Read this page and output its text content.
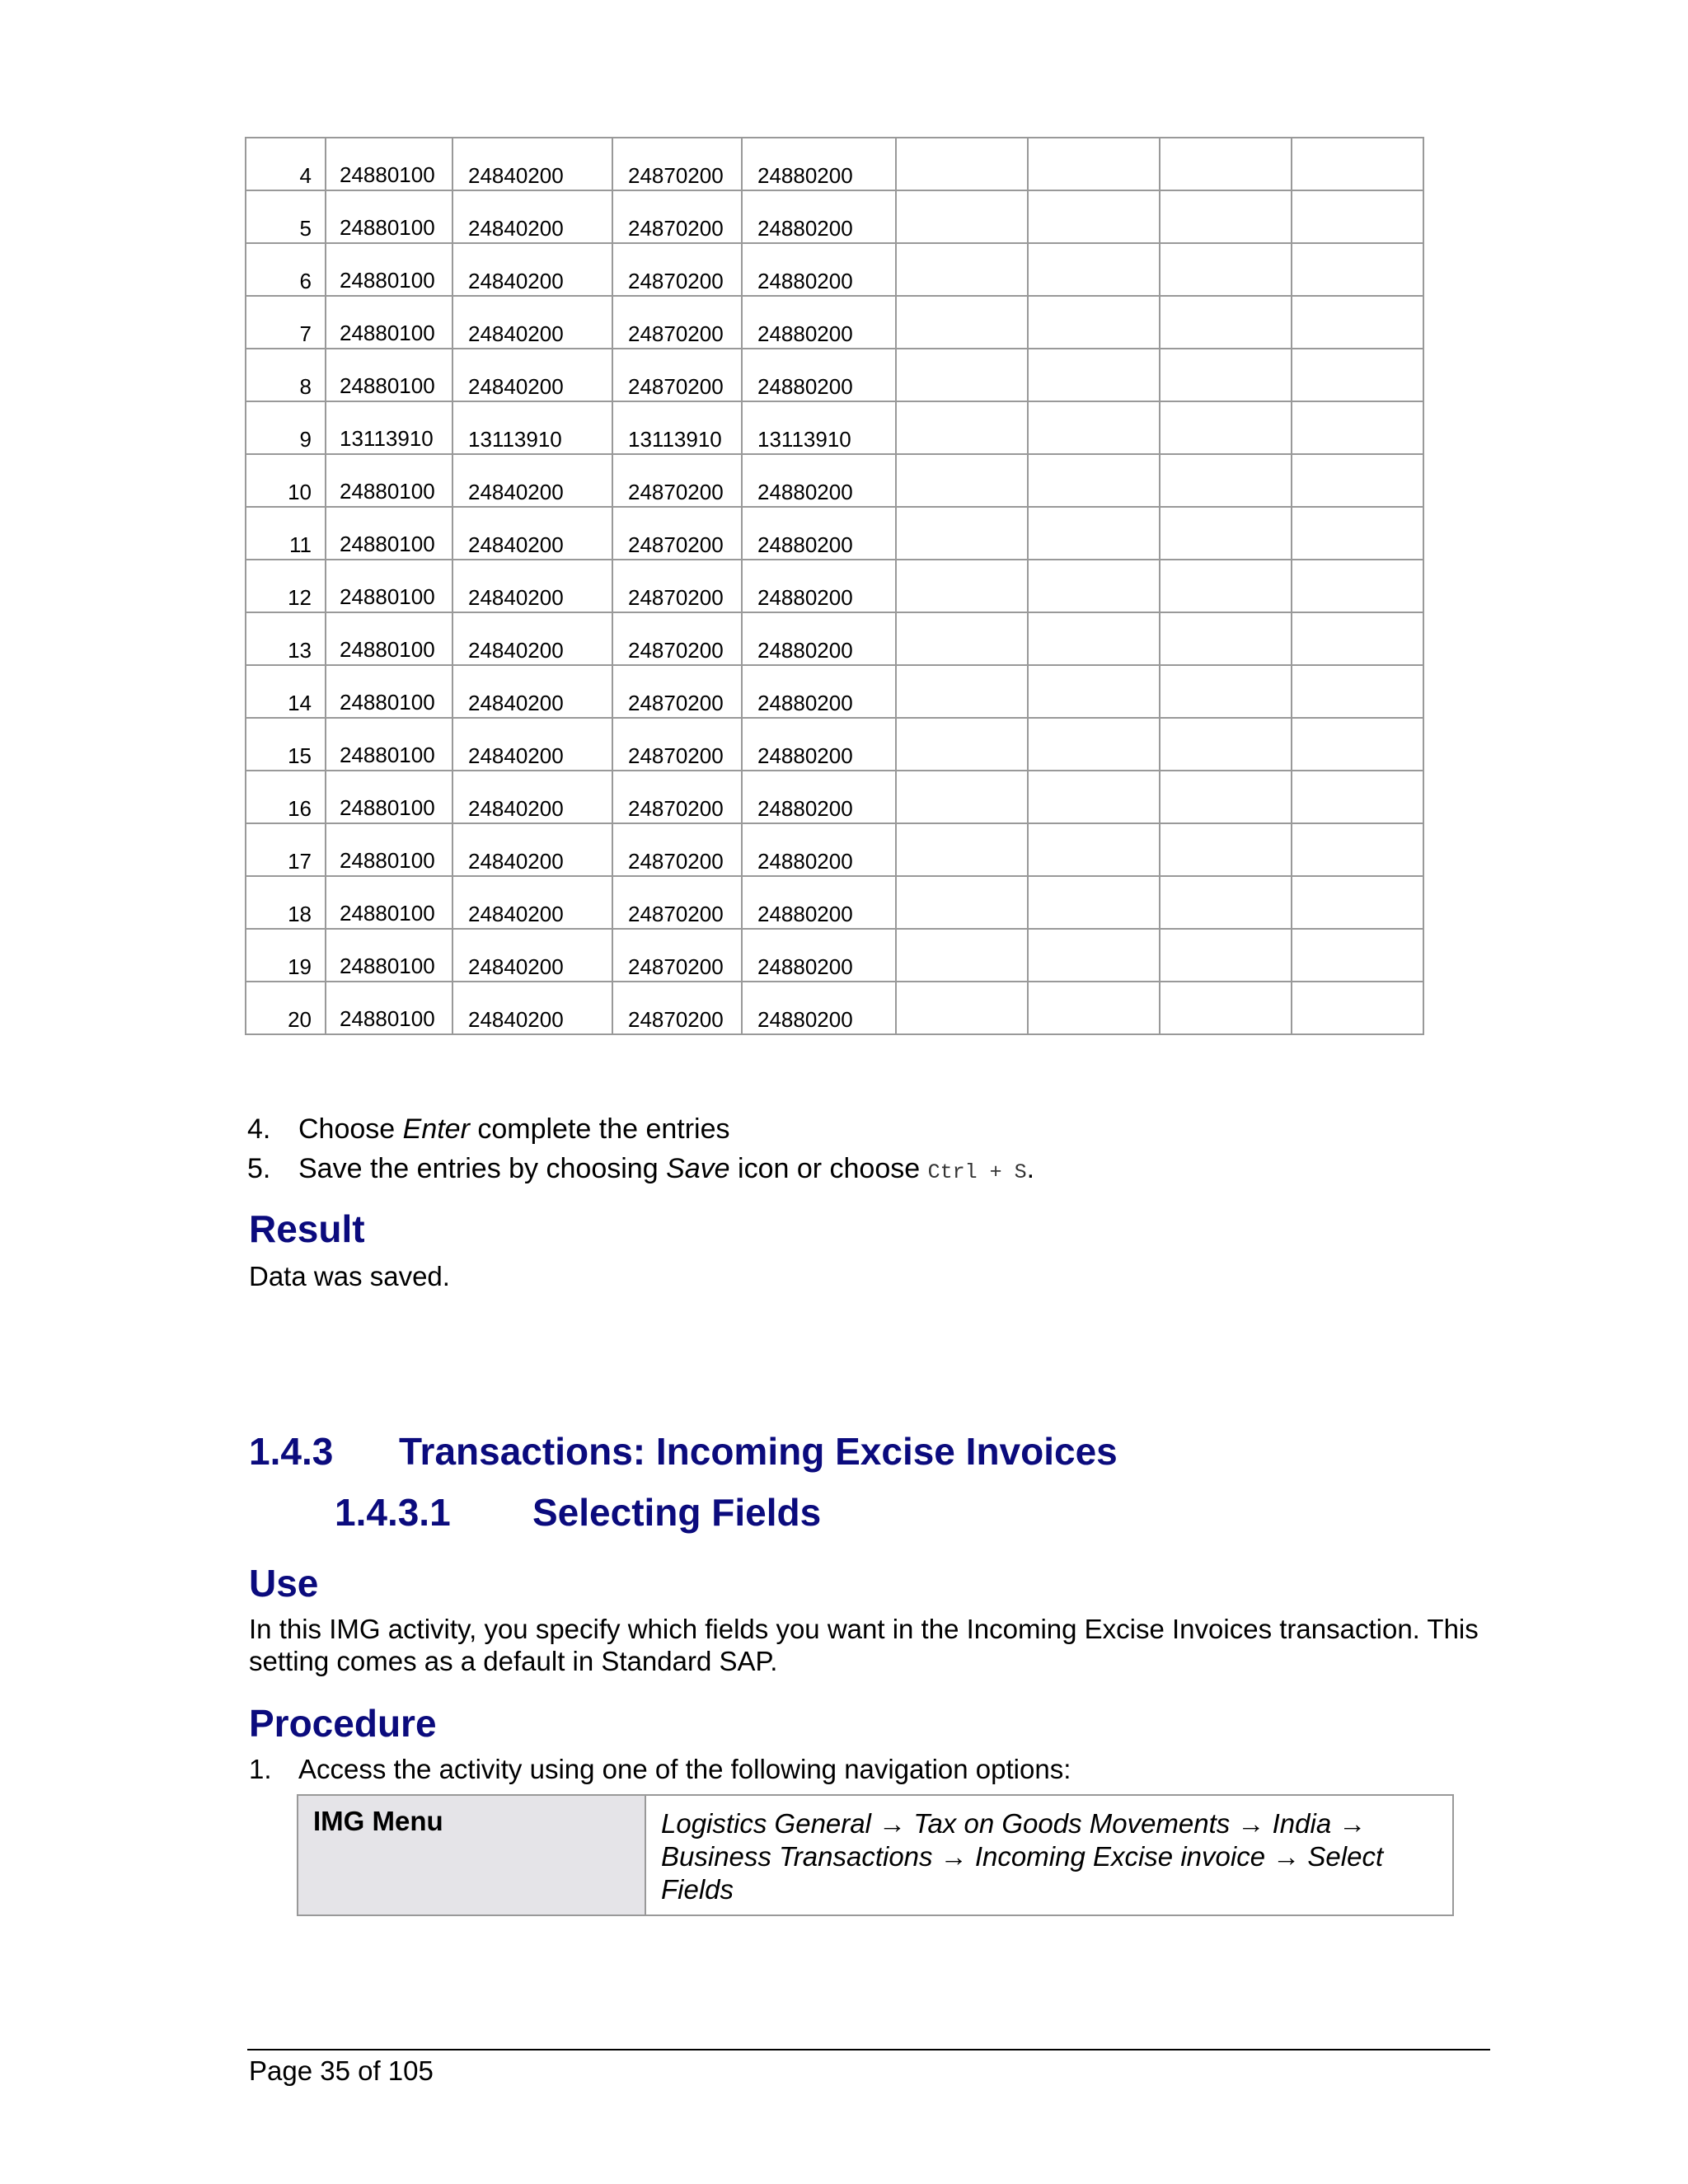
4	24880100	24840200	24870200	24880200				
5	24880100	24840200	24870200	24880200				
6	24880100	24840200	24870200	24880200				
7	24880100	24840200	24870200	24880200				
8	24880100	24840200	24870200	24880200				
9	13113910	13113910	13113910	13113910				
10	24880100	24840200	24870200	24880200				
11	24880100	24840200	24870200	24880200				
12	24880100	24840200	24870200	24880200				
13	24880100	24840200	24870200	24880200				
14	24880100	24840200	24870200	24880200				
15	24880100	24840200	24870200	24880200				
16	24880100	24840200	24870200	24880200				
17	24880100	24840200	24870200	24880200				
18	24880100	24840200	24870200	24880200				
19	24880100	24840200	24870200	24880200				
20	24880100	24840200	24870200	24880200				
4. Choose Enter complete the entries
5. Save the entries by choosing Save icon or choose Ctrl + S.
Result
Data was saved.
1.4.3 Transactions: Incoming Excise Invoices
1.4.3.1 Selecting Fields
Use
In this IMG activity, you specify which fields you want in the Incoming Excise Invoices transaction. This setting comes as a default in Standard SAP.
Procedure
1. Access the activity using one of the following navigation options:
IMG Menu	Logistics General → Tax on Goods Movements → India → Business Transactions → Incoming Excise invoice → Select Fields
Page 35 of 105
